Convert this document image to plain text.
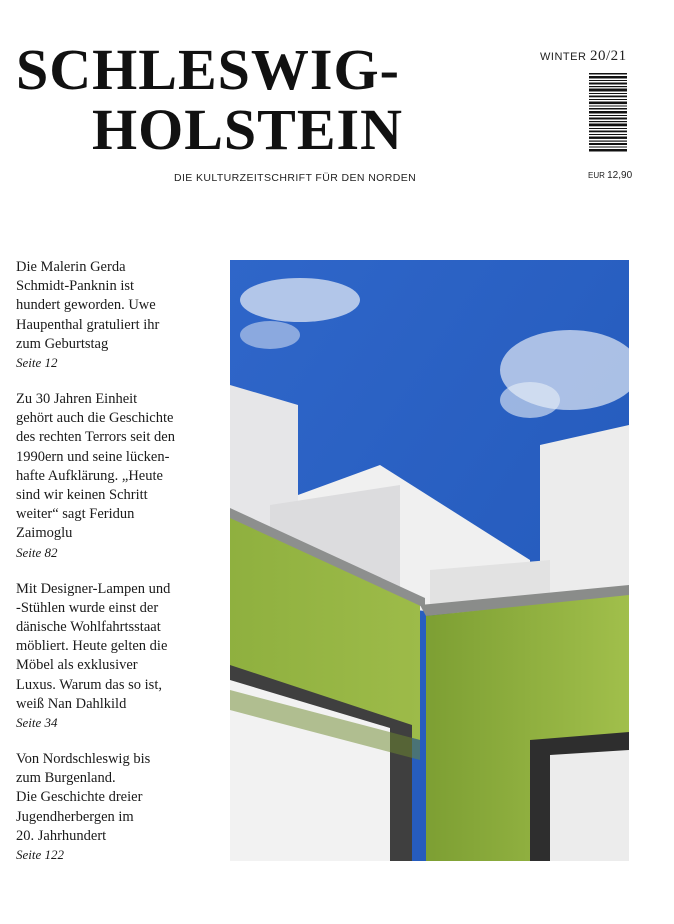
SCHLESWIG-
HOLSTEIN
DIE KULTURZEITSCHRIFT FÜR DEN NORDEN
WINTER 20/21
EUR 12,90

Die Malerin Gerda
Schmidt-Panknin ist
hundert geworden. Uwe
Haupenthal gratuliert ihr
zum Geburtstag

Seite 12

Zu 30 Jahren Einheit
gehört auch die Geschichte
des rechten Terrors seit den
1990ern und seine lücken-
hafte Aufklärung. „Heute
sind wir keinen Schritt
weiter“ sagt Feridun
Zaimoglu

Seite 82

Mit Designer-Lampen und
-Stühlen wurde einst der
dänische Wohlfahrtsstaat
möbliert. Heute gelten die
Möbel als exklusiver
Luxus. Warum das so ist,
weiß Nan Dahlkild

Seite 34

Von Nordschleswig bis
zum Burgenland.
Die Geschichte dreier
Jugendherbergen im
20. Jahrhundert

Seite 122
